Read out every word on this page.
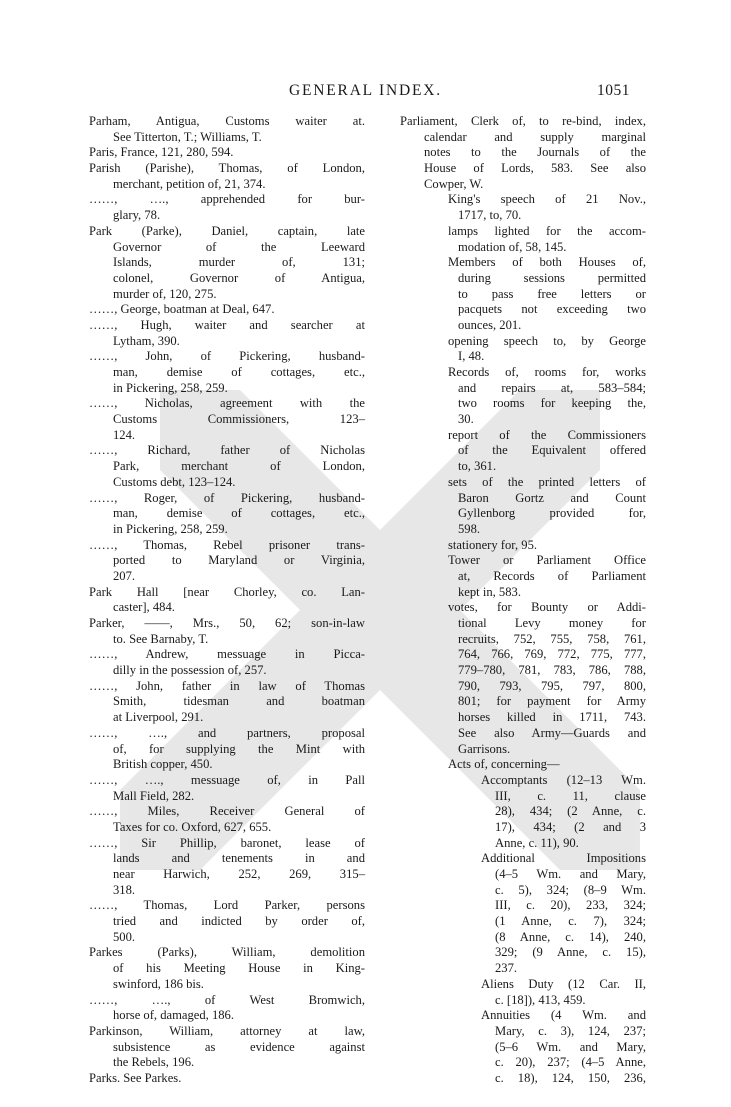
GENERAL INDEX.	1051
Parham, Antigua, Customs waiter at.
See Titterton, T.; Williams, T.
Paris, France, 121, 280, 594.
Parish (Parishe), Thomas, of London,
merchant, petition of, 21, 374.
……, …., apprehended for bur-
glary, 78.
Park (Parke), Daniel, captain, late
Governor of the Leeward
Islands, murder of, 131;
colonel, Governor of Antigua,
murder of, 120, 275.
……, George, boatman at Deal, 647.
……, Hugh, waiter and searcher at
Lytham, 390.
……, John, of Pickering, husband-
man, demise of cottages, etc.,
in Pickering, 258, 259.
……, Nicholas, agreement with the
Customs Commissioners, 123–
124.
……, Richard, father of Nicholas
Park, merchant of London,
Customs debt, 123–124.
……, Roger, of Pickering, husband-
man, demise of cottages, etc.,
in Pickering, 258, 259.
……, Thomas, Rebel prisoner trans-
ported to Maryland or Virginia,
207.
Park Hall [near Chorley, co. Lan-
caster], 484.
Parker, ——, Mrs., 50, 62; son-in-law
to. See Barnaby, T.
……, Andrew, messuage in Picca-
dilly in the possession of, 257.
……, John, father in law of Thomas
Smith, tidesman and boatman
at Liverpool, 291.
……, …., and partners, proposal
of, for supplying the Mint with
British copper, 450.
……, …., messuage of, in Pall
Mall Field, 282.
……, Miles, Receiver General of
Taxes for co. Oxford, 627, 655.
……, Sir Phillip, baronet, lease of
lands and tenements in and
near Harwich, 252, 269, 315–
318.
……, Thomas, Lord Parker, persons
tried and indicted by order of,
500.
Parkes (Parks), William, demolition
of his Meeting House in King-
swinford, 186 bis.
……, …., of West Bromwich,
horse of, damaged, 186.
Parkinson, William, attorney at law,
subsistence as evidence against
the Rebels, 196.
Parks. See Parkes.
Parliament, Clerk of, to re-bind, index,
calendar and supply marginal
notes to the Journals of the
House of Lords, 583. See also
Cowper, W.
King's speech of 21 Nov.,
1717, to, 70.
lamps lighted for the accom-
modation of, 58, 145.
Members of both Houses of,
during sessions permitted
to pass free letters or
pacquets not exceeding two
ounces, 201.
opening speech to, by George
I, 48.
Records of, rooms for, works
and repairs at, 583–584;
two rooms for keeping the,
30.
report of the Commissioners
of the Equivalent offered
to, 361.
sets of the printed letters of
Baron Gortz and Count
Gyllenborg provided for,
598.
stationery for, 95.
Tower or Parliament Office
at, Records of Parliament
kept in, 583.
votes, for Bounty or Addi-
tional Levy money for
recruits, 752, 755, 758, 761,
764, 766, 769, 772, 775, 777,
779–780, 781, 783, 786, 788,
790, 793, 795, 797, 800,
801; for payment for Army
horses killed in 1711, 743.
See also Army—Guards and
Garrisons.
Acts of, concerning—
Accomptants (12–13 Wm.
III, c. 11, clause
28), 434; (2 Anne, c.
17), 434; (2 and 3
Anne, c. 11), 90.
Additional Impositions
(4–5 Wm. and Mary,
c. 5), 324; (8–9 Wm.
III, c. 20), 233, 324;
(1 Anne, c. 7), 324;
(8 Anne, c. 14), 240,
329; (9 Anne, c. 15),
237.
Aliens Duty (12 Car. II,
c. [18]), 413, 459.
Annuities (4 Wm. and
Mary, c. 3), 124, 237;
(5–6 Wm. and Mary,
c. 20), 237; (4–5 Anne,
c. 18), 124, 150, 236,
